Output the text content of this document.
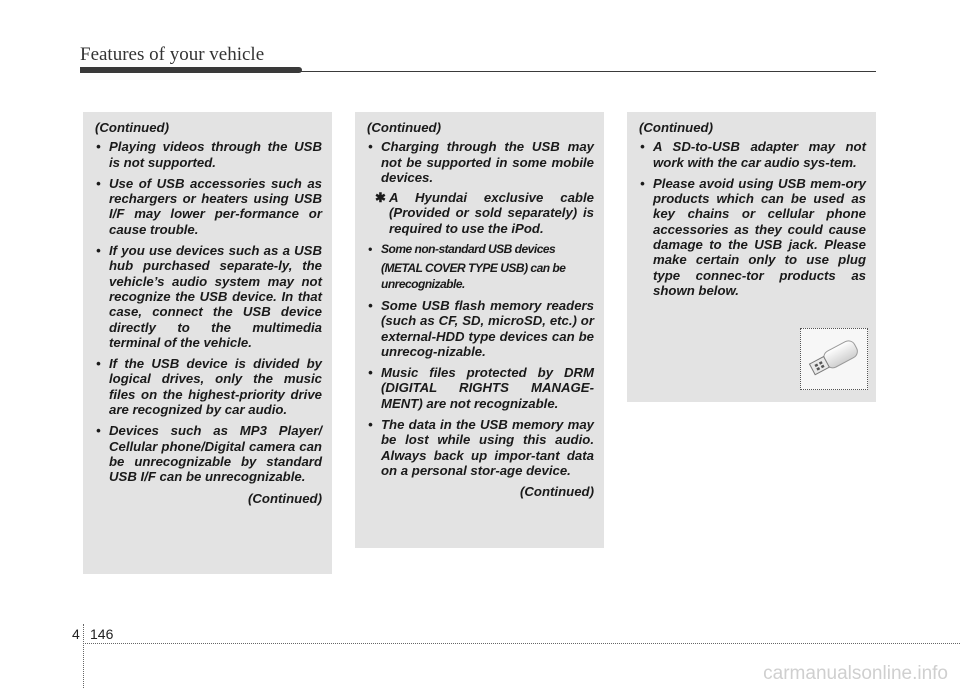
Features of your vehicle
(Continued)
• Playing videos through the USB is not supported.
• Use of USB accessories such as rechargers or heaters using USB I/F may lower per-formance or cause trouble.
• If you use devices such as a USB hub purchased separate-ly, the vehicle’s audio system may not recognize the USB device. In that case, connect the USB device directly to the multimedia terminal of the vehicle.
• If the USB device is divided by logical drives, only the music files on the highest-priority drive are recognized by car audio.
• Devices such as MP3 Player/ Cellular phone/Digital camera can be unrecognizable by standard USB I/F can be unrecognizable.
(Continued)
(Continued)
• Charging through the USB may not be supported in some mobile devices.
✱ A Hyundai exclusive cable (Provided or sold separately) is required to use the iPod.
• Some non-standard USB devices
(METAL COVER TYPE USB) can be unrecognizable.
• Some USB flash memory readers (such as CF, SD, microSD, etc.) or external-HDD type devices can be unrecog-nizable.
• Music files protected by DRM (DIGITAL RIGHTS MANAGE-MENT) are not recognizable.
• The data in the USB memory may be lost while using this audio. Always back up impor-tant data on a personal stor-age device.
(Continued)
(Continued)
• A SD-to-USB adapter may not work with the car audio sys-tem.
• Please avoid using USB mem-ory products which can be used as key chains or cellular phone accessories as they could cause damage to the USB jack. Please make certain only to use plug type connec-tor products as shown below.
4 146
carmanualsonline.info
